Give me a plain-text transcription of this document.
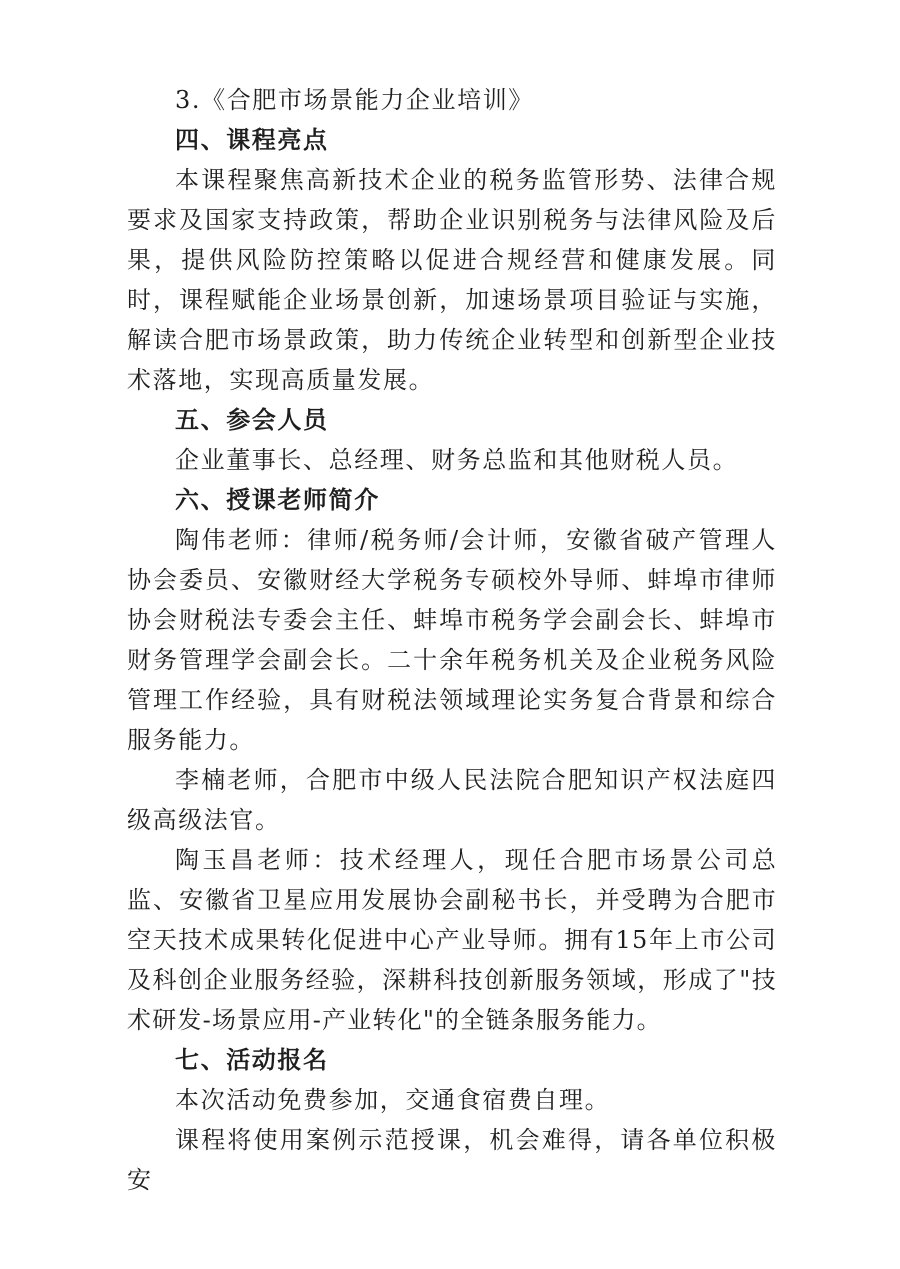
3.《合肥市场景能力企业培训》

四、课程亮点

本课程聚焦高新技术企业的税务监管形势、法律合规要求及国家支持政策，帮助企业识别税务与法律风险及后果，提供风险防控策略以促进合规经营和健康发展。同时，课程赋能企业场景创新，加速场景项目验证与实施，解读合肥市场景政策，助力传统企业转型和创新型企业技术落地，实现高质量发展。

五、参会人员

企业董事长、总经理、财务总监和其他财税人员。

六、授课老师简介

陶伟老师：律师/税务师/会计师，安徽省破产管理人协会委员、安徽财经大学税务专硕校外导师、蚌埠市律师协会财税法专委会主任、蚌埠市税务学会副会长、蚌埠市财务管理学会副会长。二十余年税务机关及企业税务风险管理工作经验，具有财税法领域理论实务复合背景和综合服务能力。

李楠老师，合肥市中级人民法院合肥知识产权法庭四级高级法官。

陶玉昌老师：技术经理人，现任合肥市场景公司总监、安徽省卫星应用发展协会副秘书长，并受聘为合肥市空天技术成果转化促进中心产业导师。拥有15年上市公司及科创企业服务经验，深耕科技创新服务领域，形成了"技术研发-场景应用-产业转化"的全链条服务能力。

七、活动报名

本次活动免费参加，交通食宿费自理。

课程将使用案例示范授课，机会难得，请各单位积极安
